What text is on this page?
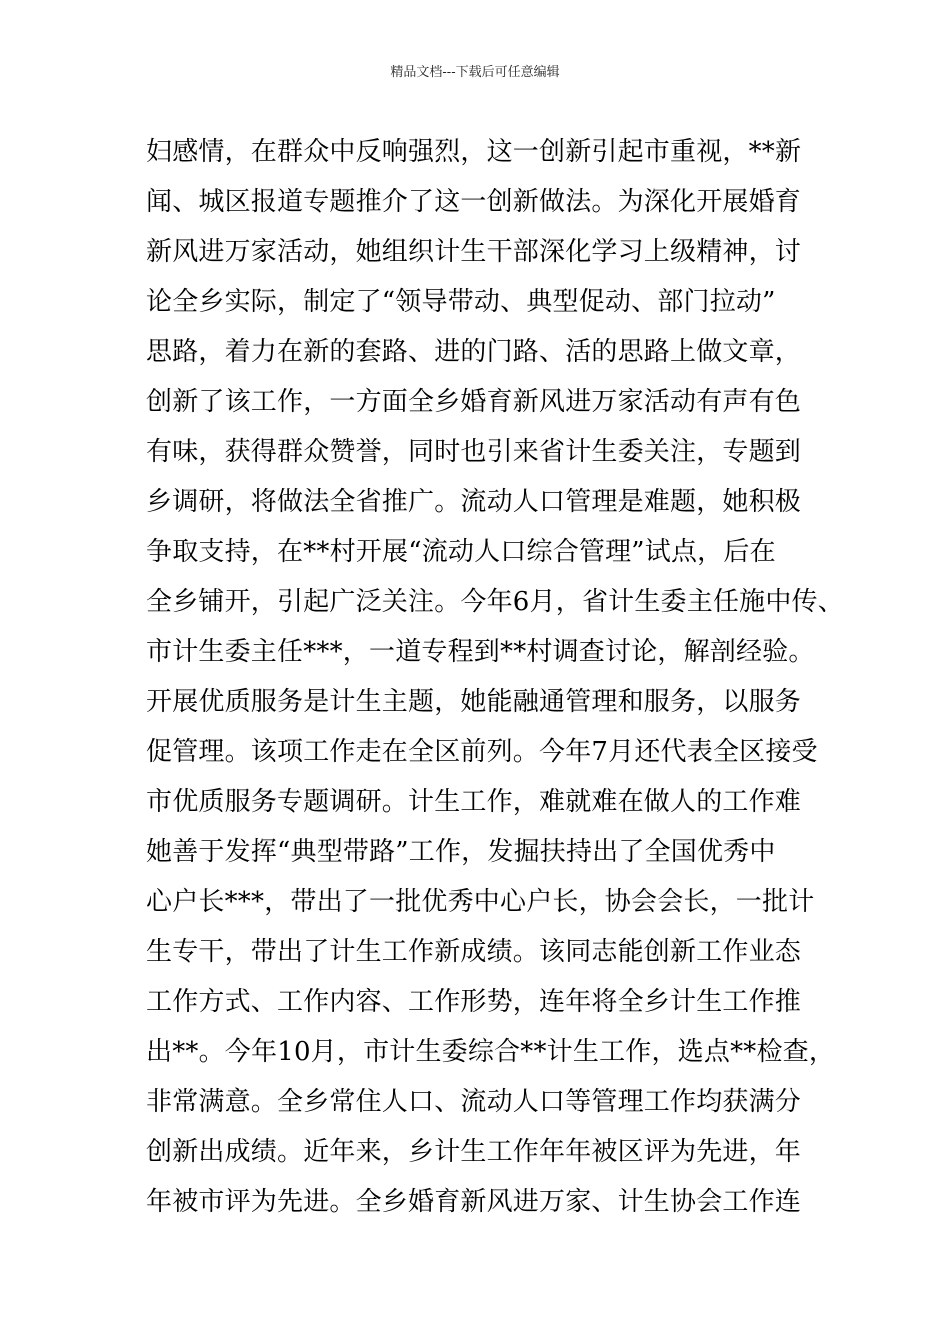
精品文档---下载后可任意编辑
妇感情，在群众中反响强烈，这一创新引起市重视，**新
闻、城区报道专题推介了这一创新做法。为深化开展婚育
新风进万家活动，她组织计生干部深化学习上级精神，讨
论全乡实际，制定了“领导带动、典型促动、部门拉动”
思路，着力在新的套路、进的门路、活的思路上做文章，
创新了该工作，一方面全乡婚育新风进万家活动有声有色
有味，获得群众赞誉，同时也引来省计生委关注，专题到
乡调研，将做法全省推广。流动人口管理是难题，她积极
争取支持，在**村开展“流动人口综合管理”试点，后在
全乡铺开，引起广泛关注。今年6月，省计生委主任施中传、
市计生委主任***，一道专程到**村调查讨论，解剖经验。
开展优质服务是计生主题，她能融通管理和服务，以服务
促管理。该项工作走在全区前列。今年7月还代表全区接受
市优质服务专题调研。计生工作，难就难在做人的工作难
她善于发挥“典型带路”工作，发掘扶持出了全国优秀中
心户长***，带出了一批优秀中心户长，协会会长，一批计
生专干，带出了计生工作新成绩。该同志能创新工作业态
工作方式、工作内容、工作形势，连年将全乡计生工作推
出**。今年10月，市计生委综合**计生工作，选点**检查，
非常满意。全乡常住人口、流动人口等管理工作均获满分
创新出成绩。近年来，乡计生工作年年被区评为先进，年
年被市评为先进。全乡婚育新风进万家、计生协会工作连
